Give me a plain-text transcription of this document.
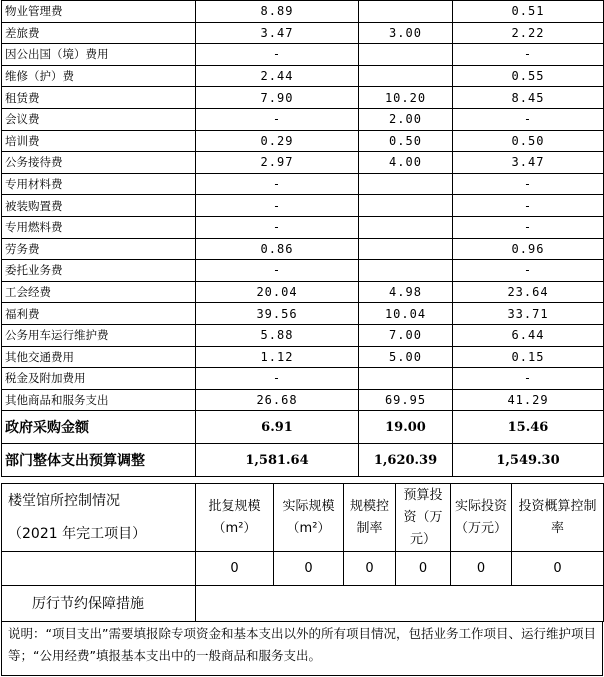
物业管理费	8.89		0.51
差旅费	3.47	3.00	2.22
因公出国（境）费用	-		-
维修（护）费	2.44		0.55
租赁费	7.90	10.20	8.45
会议费	-	2.00	-
培训费	0.29	0.50	0.50
公务接待费	2.97	4.00	3.47
专用材料费	-		-
被装购置费	-		-
专用燃料费	-		-
劳务费	0.86		0.96
委托业务费	-		-
工会经费	20.04	4.98	23.64
福利费	39.56	10.04	33.71
公务用车运行维护费	5.88	7.00	6.44
其他交通费用	1.12	5.00	0.15
税金及附加费用	-		-
其他商品和服务支出	26.68	69.95	41.29
政府采购金额	6.91	19.00	15.46
部门整体支出预算调整	1,581.64	1,620.39	1,549.30
楼堂馆所控制情况	批复规模（m²）	实际规模（m²）	规模控制率	预算投资（万元）	实际投资（万元）	投资概算控制率
（2021 年完工项目）						
	0	0	0	0	0	0
厉行节约保障措施						
说明：“项目支出”需要填报除专项资金和基本支出以外的所有项目情况，包括业务工作项目、运行维护项目等；“公用经费”填报基本支出中的一般商品和服务支出。
